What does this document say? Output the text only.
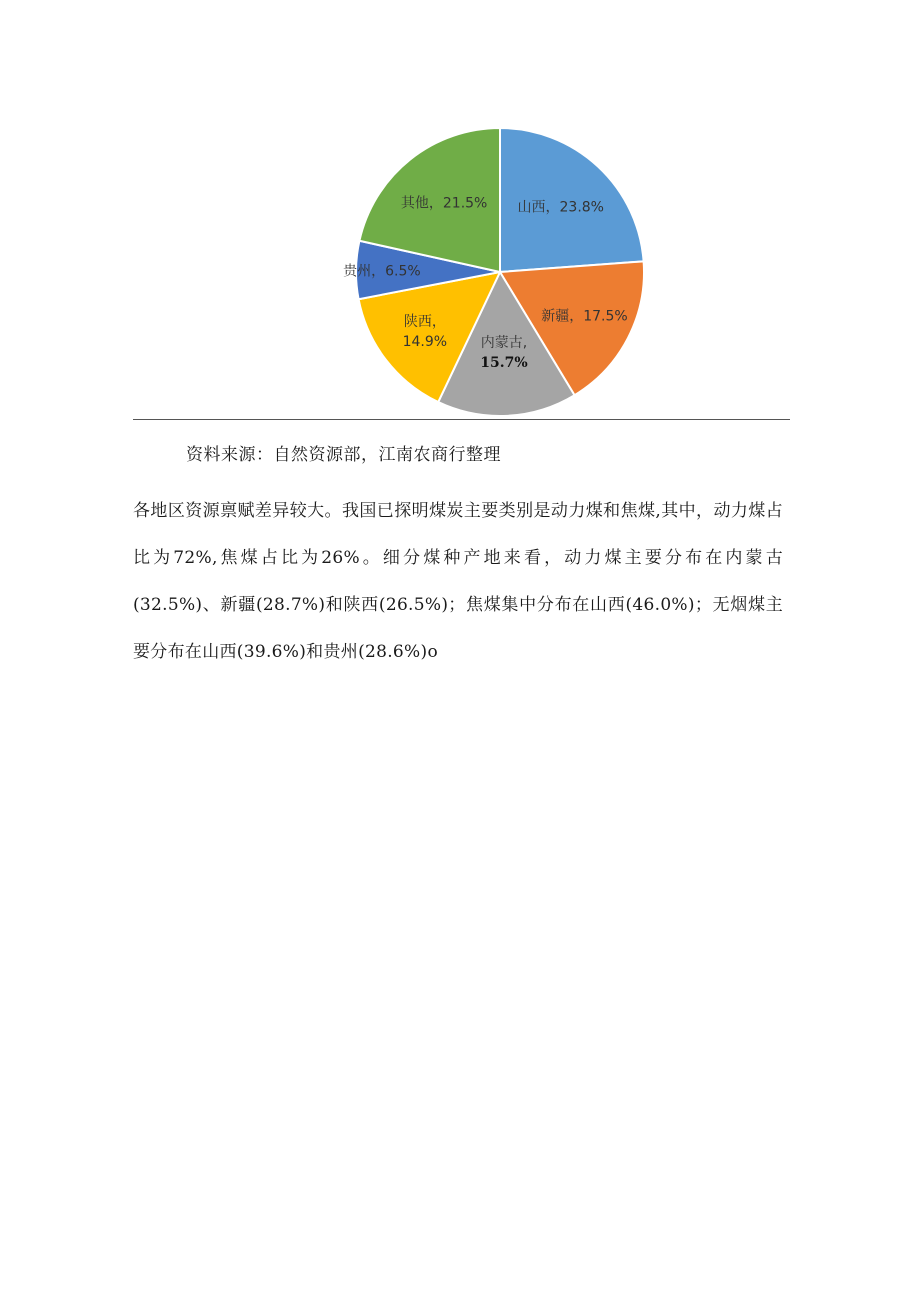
山西，23.8%
新疆，17.5%
内蒙古,
15.7%
陕西，
14.9%
贵州，6.5%
其他，21.5%
资料来源：自然资源部，江南农商行整理

各地区资源禀赋差异较大。我国已探明煤炭主要类别是动力煤和焦煤,其中，动力煤占比为72%,焦煤占比为26%。细分煤种产地来看，动力煤主要分布在内蒙古(32.5%)、新疆(28.7%)和陕西(26.5%)；焦煤集中分布在山西(46.0%)；无烟煤主要分布在山西(39.6%)和贵州(28.6%)o
